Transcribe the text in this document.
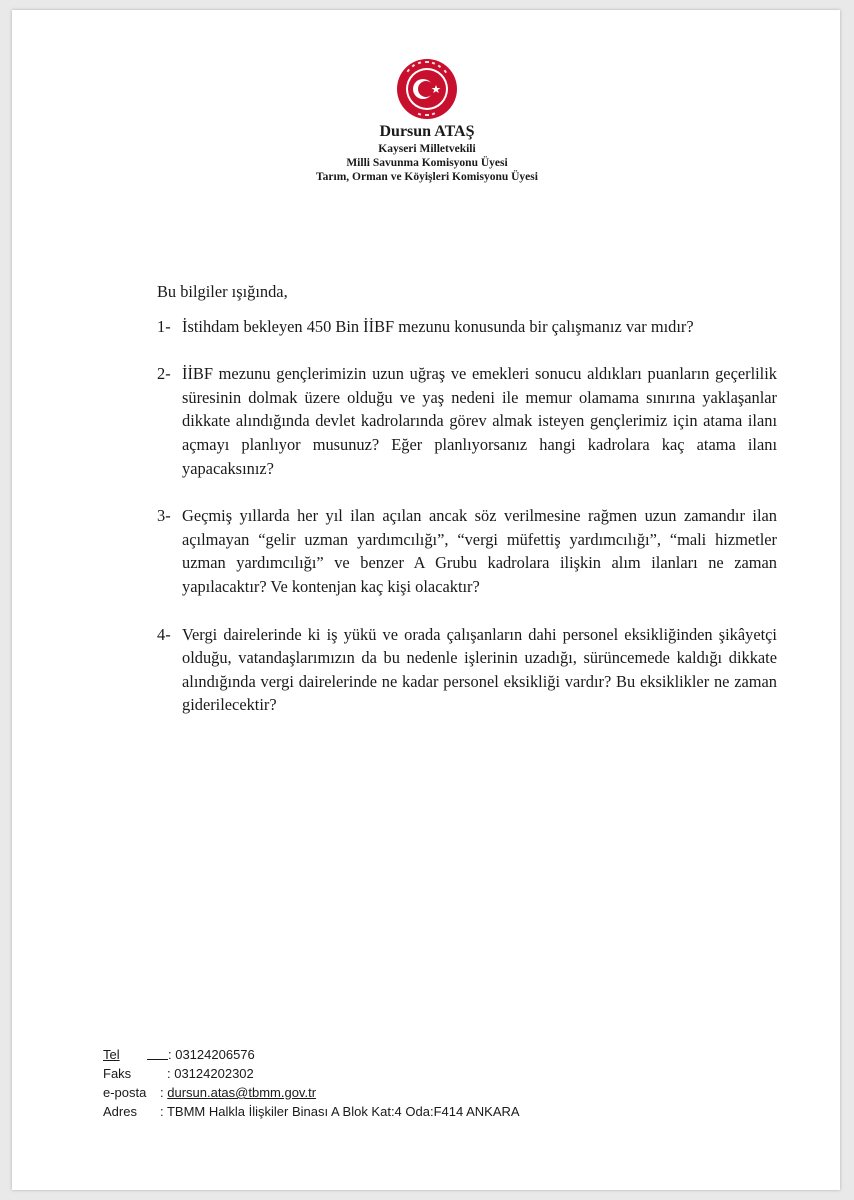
Dursun ATAŞ
Kayseri Milletvekili
Milli Savunma Komisyonu Üyesi
Tarım, Orman ve Köyişleri Komisyonu Üyesi

Bu bilgiler ışığında,

1- İstihdam bekleyen 450 Bin İİBF mezunu konusunda bir çalışmanız var mıdır?
2- İİBF mezunu gençlerimizin uzun uğraş ve emekleri sonucu aldıkları puanların geçerlilik süresinin dolmak üzere olduğu ve yaş nedeni ile memur olamama sınırına yaklaşanlar dikkate alındığında devlet kadrolarında görev almak isteyen gençlerimiz için atama ilanı açmayı planlıyor musunuz? Eğer planlıyorsanız hangi kadrolara kaç atama ilanı yapacaksınız?
3- Geçmiş yıllarda her yıl ilan açılan ancak söz verilmesine rağmen uzun zamandır ilan açılmayan “gelir uzman yardımcılığı”, “vergi müfettiş yardımcılığı”, “mali hizmetler uzman yardımcılığı” ve benzer A Grubu kadrolara ilişkin alım ilanları ne zaman yapılacaktır? Ve kontenjan kaç kişi olacaktır?
4- Vergi dairelerinde ki iş yükü ve orada çalışanların dahi personel eksikliğinden şikâyetçi olduğu, vatandaşlarımızın da bu nedenle işlerinin uzadığı, sürüncemede kaldığı dikkate alındığında vergi dairelerinde ne kadar personel eksikliği vardır? Bu eksiklikler ne zaman giderilecektir?
Tel	: 03124206576
Faks	: 03124202302
e-posta	: dursun.atas@tbmm.gov.tr
Adres	: TBMM Halkla İlişkiler Binası A Blok Kat:4 Oda:F414 ANKARA
